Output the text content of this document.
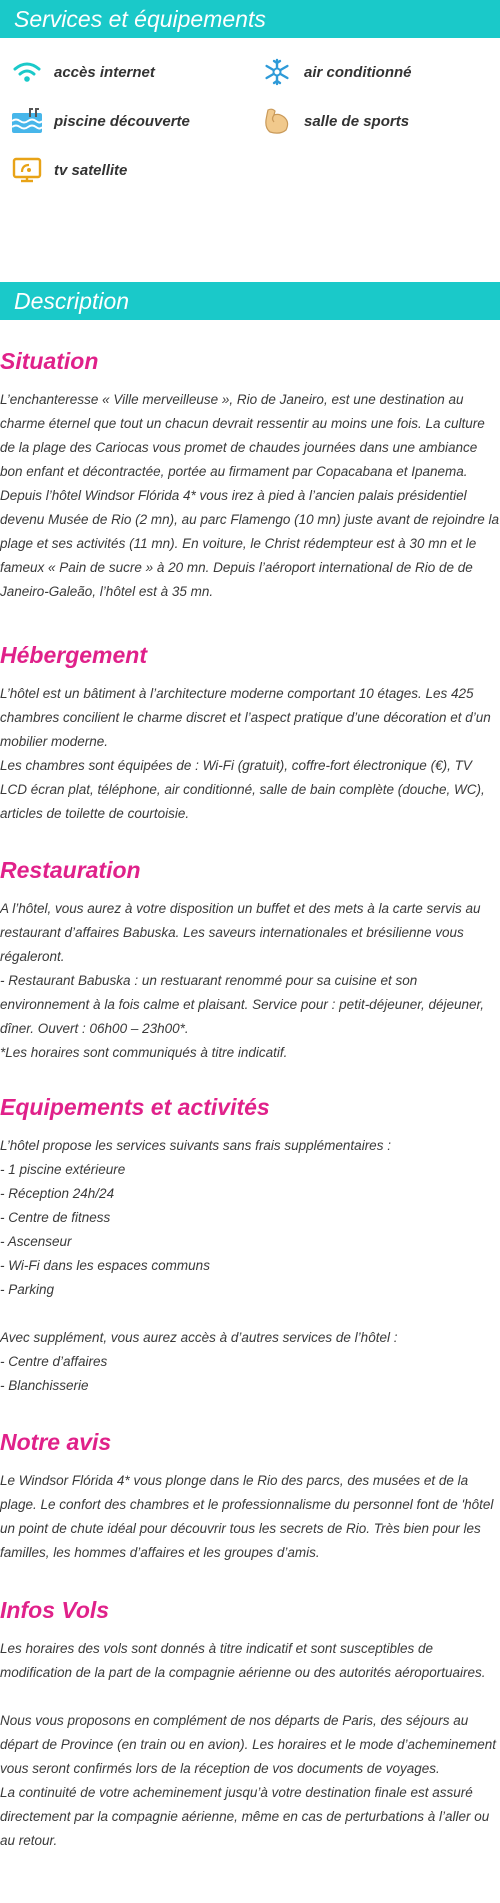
Services et équipements
accès internet	air conditionné
piscine découverte	salle de sports
tv satellite
Description
Situation

L’enchanteresse « Ville merveilleuse », Rio de Janeiro, est une destination au charme éternel que tout un chacun devrait ressentir au moins une fois. La culture de la plage des Cariocas vous promet de chaudes journées dans une ambiance bon enfant et décontractée, portée au firmament par Copacabana et Ipanema. Depuis l’hôtel Windsor Flórida 4* vous irez à pied à l’ancien palais présidentiel devenu Musée de Rio (2 mn), au parc Flamengo (10 mn) juste avant de rejoindre la plage et ses activités (11 mn). En voiture, le Christ rédempteur est à 30 mn et le fameux « Pain de sucre » à 20 mn. Depuis l’aéroport international de Rio de de Janeiro-Galeão, l’hôtel est à 35 mn.

Hébergement

L’hôtel est un bâtiment à l’architecture moderne comportant 10 étages. Les 425 chambres concilient le charme discret et l’aspect pratique d’une décoration et d’un mobilier moderne.
Les chambres sont équipées de : Wi-Fi (gratuit), coffre-fort électronique (€), TV LCD écran plat, téléphone, air conditionné, salle de bain complète (douche, WC), articles de toilette de courtoisie.

Restauration

A l’hôtel, vous aurez à votre disposition un buffet et des mets à la carte servis au restaurant d’affaires Babuska. Les saveurs internationales et brésilienne vous régaleront.
- Restaurant Babuska : un restuarant renommé pour sa cuisine et son environnement à la fois calme et plaisant. Service pour : petit-déjeuner, déjeuner, dîner. Ouvert : 06h00 – 23h00*.
*Les horaires sont communiqués à titre indicatif.

Equipements et activités

L’hôtel propose les services suivants sans frais supplémentaires :
- 1 piscine extérieure
- Réception 24h/24
- Centre de fitness
- Ascenseur
- Wi-Fi dans les espaces communs
- Parking

Avec supplément, vous aurez accès à d’autres services de l’hôtel :
- Centre d’affaires
- Blanchisserie

Notre avis

Le Windsor Flórida 4* vous plonge dans le Rio des parcs, des musées et de la plage. Le confort des chambres et le professionnalisme du personnel font de 'hôtel un point de chute idéal pour découvrir tous les secrets de Rio. Très bien pour les familles, les hommes d’affaires et les groupes d’amis.

Infos Vols

Les horaires des vols sont donnés à titre indicatif et sont susceptibles de modification de la part de la compagnie aérienne ou des autorités aéroportuaires.

Nous vous proposons en complément de nos départs de Paris, des séjours au départ de Province (en train ou en avion). Les horaires et le mode d’acheminement vous seront confirmés lors de la réception de vos documents de voyages.
La continuité de votre acheminement jusqu’à votre destination finale est assuré directement par la compagnie aérienne, même en cas de perturbations à l’aller ou au retour.
